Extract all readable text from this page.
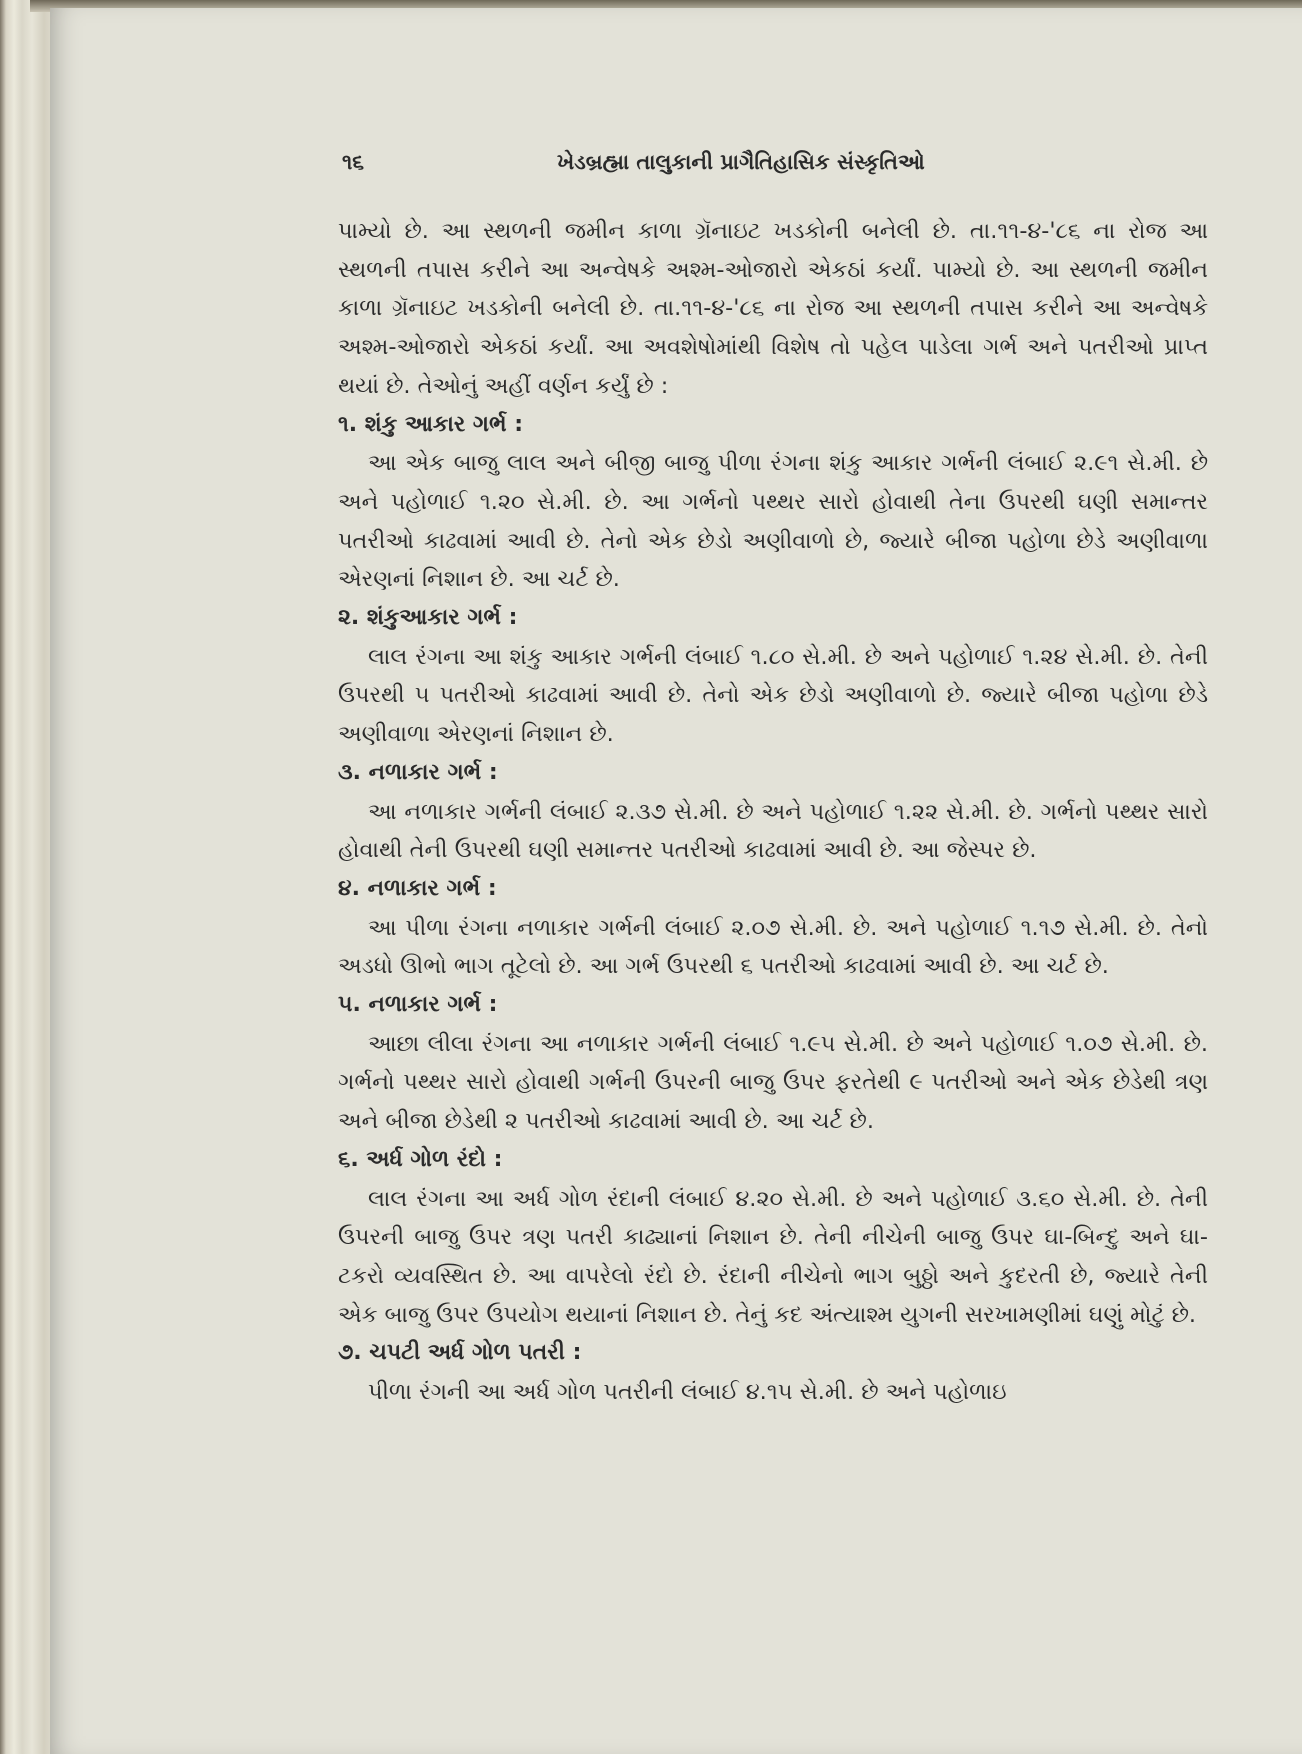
૧૬	ખેડબ્રહ્મા તાલુકાની પ્રાગૈતિહાસિક સંસ્કૃતિઓ

પામ્યો છે. આ સ્થળની જમીન કાળા ગ્રૅનાઇટ ખડકોની બનેલી છે. તા.૧૧-૪-'૮૬ ના રોજ આ સ્થળની તપાસ કરીને આ અન્વેષકે અશ્મ-ઓજારો એકઠાં કર્યાં. પામ્યો છે. આ સ્થળની જમીન કાળા ગ્રૅનાઇટ ખડકોની બનેલી છે. તા.૧૧-૪-'૮૬ ના રોજ આ સ્થળની તપાસ કરીને આ અન્વેષકે અશ્મ-ઓજારો એકઠાં કર્યાં. આ અવશેષોમાંથી વિશેષ તો પહેલ પાડેલા ગર્ભ અને પતરીઓ પ્રાપ્ત થયાં છે. તેઓનું અહીં વર્ણન કર્યું છે :

૧. શંકુ આકાર ગર્ભ :

આ એક બાજુ લાલ અને બીજી બાજુ પીળા રંગના શંકુ આકાર ગર્ભની લંબાઈ ૨.૯૧ સે.મી. છે અને પહોળાઈ ૧.૨૦ સે.મી. છે. આ ગર્ભનો પથ્થર સારો હોવાથી તેના ઉપરથી ઘણી સમાન્તર પતરીઓ કાઢવામાં આવી છે. તેનો એક છેડો અણીવાળો છે, જ્યારે બીજા પહોળા છેડે અણીવાળા એરણનાં નિશાન છે. આ ચર્ટ છે.

૨. શંકુઆકાર ગર્ભ :

લાલ રંગના આ શંકુ આકાર ગર્ભની લંબાઈ ૧.૮૦ સે.મી. છે અને પહોળાઈ ૧.૨૪ સે.મી. છે. તેની ઉપરથી ૫ પતરીઓ કાઢવામાં આવી છે. તેનો એક છેડો અણીવાળો છે. જ્યારે બીજા પહોળા છેડે અણીવાળા એરણનાં નિશાન છે.

૩. નળાકાર ગર્ભ :

આ નળાકાર ગર્ભની લંબાઈ ૨.૩૭ સે.મી. છે અને પહોળાઈ ૧.૨૨ સે.મી. છે. ગર્ભનો પથ્થર સારો હોવાથી તેની ઉપરથી ઘણી સમાન્તર પતરીઓ કાઢવામાં આવી છે. આ જેસ્પર છે.

૪. નળાકાર ગર્ભ :

આ પીળા રંગના નળાકાર ગર્ભની લંબાઈ ૨.૦૭ સે.મી. છે. અને પહોળાઈ ૧.૧૭ સે.મી. છે. તેનો અડધો ઊભો ભાગ તૂટેલો છે. આ ગર્ભ ઉપરથી ૬ પતરીઓ કાઢવામાં આવી છે. આ ચર્ટ છે.

૫. નળાકાર ગર્ભ :

આછા લીલા રંગના આ નળાકાર ગર્ભની લંબાઈ ૧.૯૫ સે.મી. છે અને પહોળાઈ ૧.૦૭ સે.મી. છે. ગર્ભનો પથ્થર સારો હોવાથી ગર્ભની ઉપરની બાજુ ઉપર ફરતેથી ૯ પતરીઓ અને એક છેડેથી ત્રણ અને બીજા છેડેથી ૨ પતરીઓ કાઢવામાં આવી છે. આ ચર્ટ છે.

૬. અર્ધ ગોળ રંદો :

લાલ રંગના આ અર્ધ ગોળ રંદાની લંબાઈ ૪.૨૦ સે.મી. છે અને પહોળાઈ ૩.૬૦ સે.મી. છે. તેની ઉપરની બાજુ ઉપર ત્રણ પતરી કાઢ્યાનાં નિશાન છે. તેની નીચેની બાજુ ઉપર ઘા-બિન્દુ અને ઘા-ટકરો વ્યવસ્થિત છે. આ વાપરેલો રંદો છે. રંદાની નીચેનો ભાગ બુઠ્ઠો અને કુદરતી છે, જ્યારે તેની એક બાજુ ઉપર ઉપયોગ થયાનાં નિશાન છે. તેનું કદ અંત્યાશ્મ યુગની સરખામણીમાં ઘણું મોટું છે.

૭. ચપટી અર્ધ ગોળ પતરી :

પીળા રંગની આ અર્ધ ગોળ પતરીની લંબાઈ ૪.૧૫ સે.મી. છે અને પહોળાઇ
